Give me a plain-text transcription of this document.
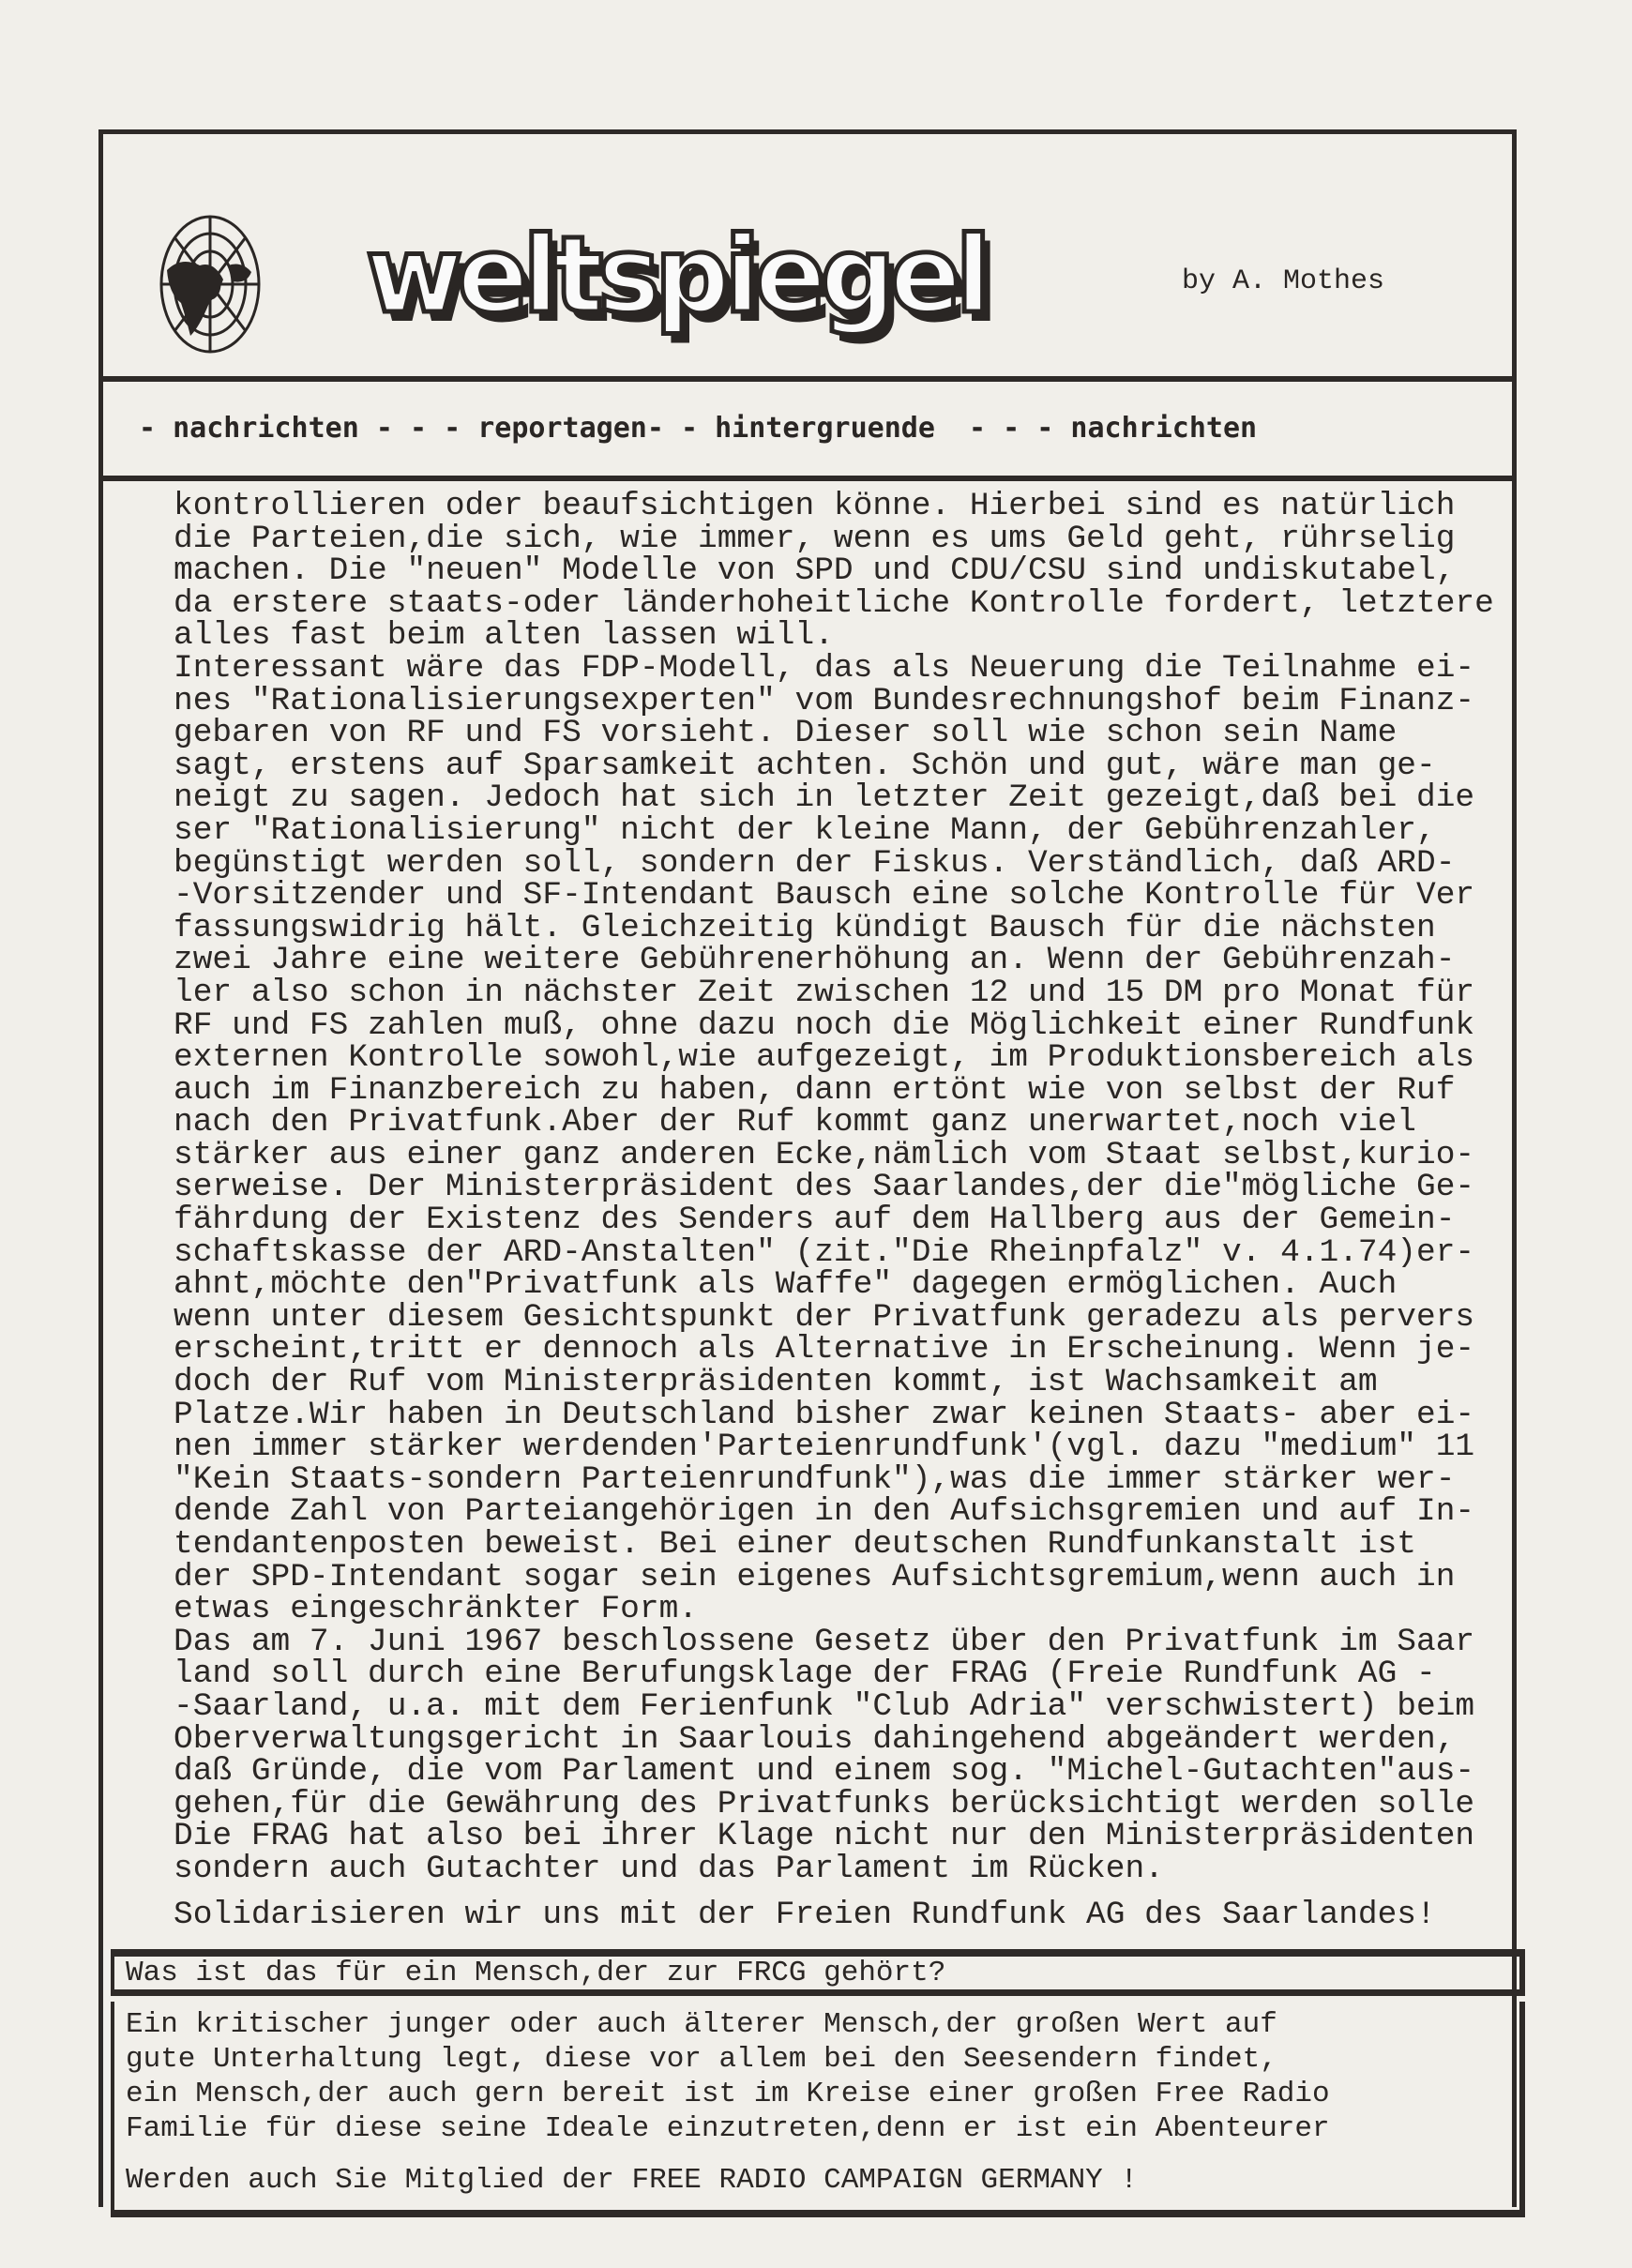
weltspiegel	by A. Mothes
- nachrichten - - - reportagen- - hintergruende  - - - nachrichten

kontrollieren oder beaufsichtigen könne. Hierbei sind es natürlich

die Parteien,die sich, wie immer, wenn es ums Geld geht, rührselig

machen. Die "neuen" Modelle von SPD und CDU/CSU sind undiskutabel,

da erstere staats-oder länderhoheitliche Kontrolle fordert, letztere

alles fast beim alten lassen will.

Interessant wäre das FDP-Modell, das als Neuerung die Teilnahme ei-

nes "Rationalisierungsexperten" vom Bundesrechnungshof beim Finanz-

gebaren von RF und FS vorsieht. Dieser soll wie schon sein Name

sagt, erstens auf Sparsamkeit achten. Schön und gut, wäre man ge-

neigt zu sagen. Jedoch hat sich in letzter Zeit gezeigt,daß bei die

ser "Rationalisierung" nicht der kleine Mann, der Gebührenzahler,

begünstigt werden soll, sondern der Fiskus. Verständlich, daß ARD-

-Vorsitzender und SF-Intendant Bausch eine solche Kontrolle für Ver

fassungswidrig hält. Gleichzeitig kündigt Bausch für die nächsten

zwei Jahre eine weitere Gebührenerhöhung an. Wenn der Gebührenzah-

ler also schon in nächster Zeit zwischen 12 und 15 DM pro Monat für

RF und FS zahlen muß, ohne dazu noch die Möglichkeit einer Rundfunk

externen Kontrolle sowohl,wie aufgezeigt, im Produktionsbereich als

auch im Finanzbereich zu haben, dann ertönt wie von selbst der Ruf

nach den Privatfunk.Aber der Ruf kommt ganz unerwartet,noch viel

stärker aus einer ganz anderen Ecke,nämlich vom Staat selbst,kurio-

serweise. Der Ministerpräsident des Saarlandes,der die"mögliche Ge-

fährdung der Existenz des Senders auf dem Hallberg aus der Gemein-

schaftskasse der ARD-Anstalten" (zit."Die Rheinpfalz" v. 4.1.74)er-

ahnt,möchte den"Privatfunk als Waffe" dagegen ermöglichen. Auch

wenn unter diesem Gesichtspunkt der Privatfunk geradezu als pervers

erscheint,tritt er dennoch als Alternative in Erscheinung. Wenn je-

doch der Ruf vom Ministerpräsidenten kommt, ist Wachsamkeit am

Platze.Wir haben in Deutschland bisher zwar keinen Staats- aber ei-

nen immer stärker werdenden'Parteienrundfunk'(vgl. dazu "medium" 11

"Kein Staats-sondern Parteienrundfunk"),was die immer stärker wer-

dende Zahl von Parteiangehörigen in den Aufsichsgremien und auf In-

tendantenposten beweist. Bei einer deutschen Rundfunkanstalt ist

der SPD-Intendant sogar sein eigenes Aufsichtsgremium,wenn auch in

etwas eingeschränkter Form.

Das am 7. Juni 1967 beschlossene Gesetz über den Privatfunk im Saar

land soll durch eine Berufungsklage der FRAG (Freie Rundfunk AG -

-Saarland, u.a. mit dem Ferienfunk "Club Adria" verschwistert) beim

Oberverwaltungsgericht in Saarlouis dahingehend abgeändert werden,

daß Gründe, die vom Parlament und einem sog. "Michel-Gutachten"aus-

gehen,für die Gewährung des Privatfunks berücksichtigt werden solle

Die FRAG hat also bei ihrer Klage nicht nur den Ministerpräsidenten

sondern auch Gutachter und das Parlament im Rücken.

Solidarisieren wir uns mit der Freien Rundfunk AG des Saarlandes!

Was ist das für ein Mensch,der zur FRCG gehört?
Ein kritischer junger oder auch älterer Mensch,der großen Wert auf
gute Unterhaltung legt, diese vor allem bei den Seesendern findet,
ein Mensch,der auch gern bereit ist im Kreise einer großen Free Radio
Familie für diese seine Ideale einzutreten,denn er ist ein Abenteurer
Werden auch Sie Mitglied der FREE RADIO CAMPAIGN GERMANY !
